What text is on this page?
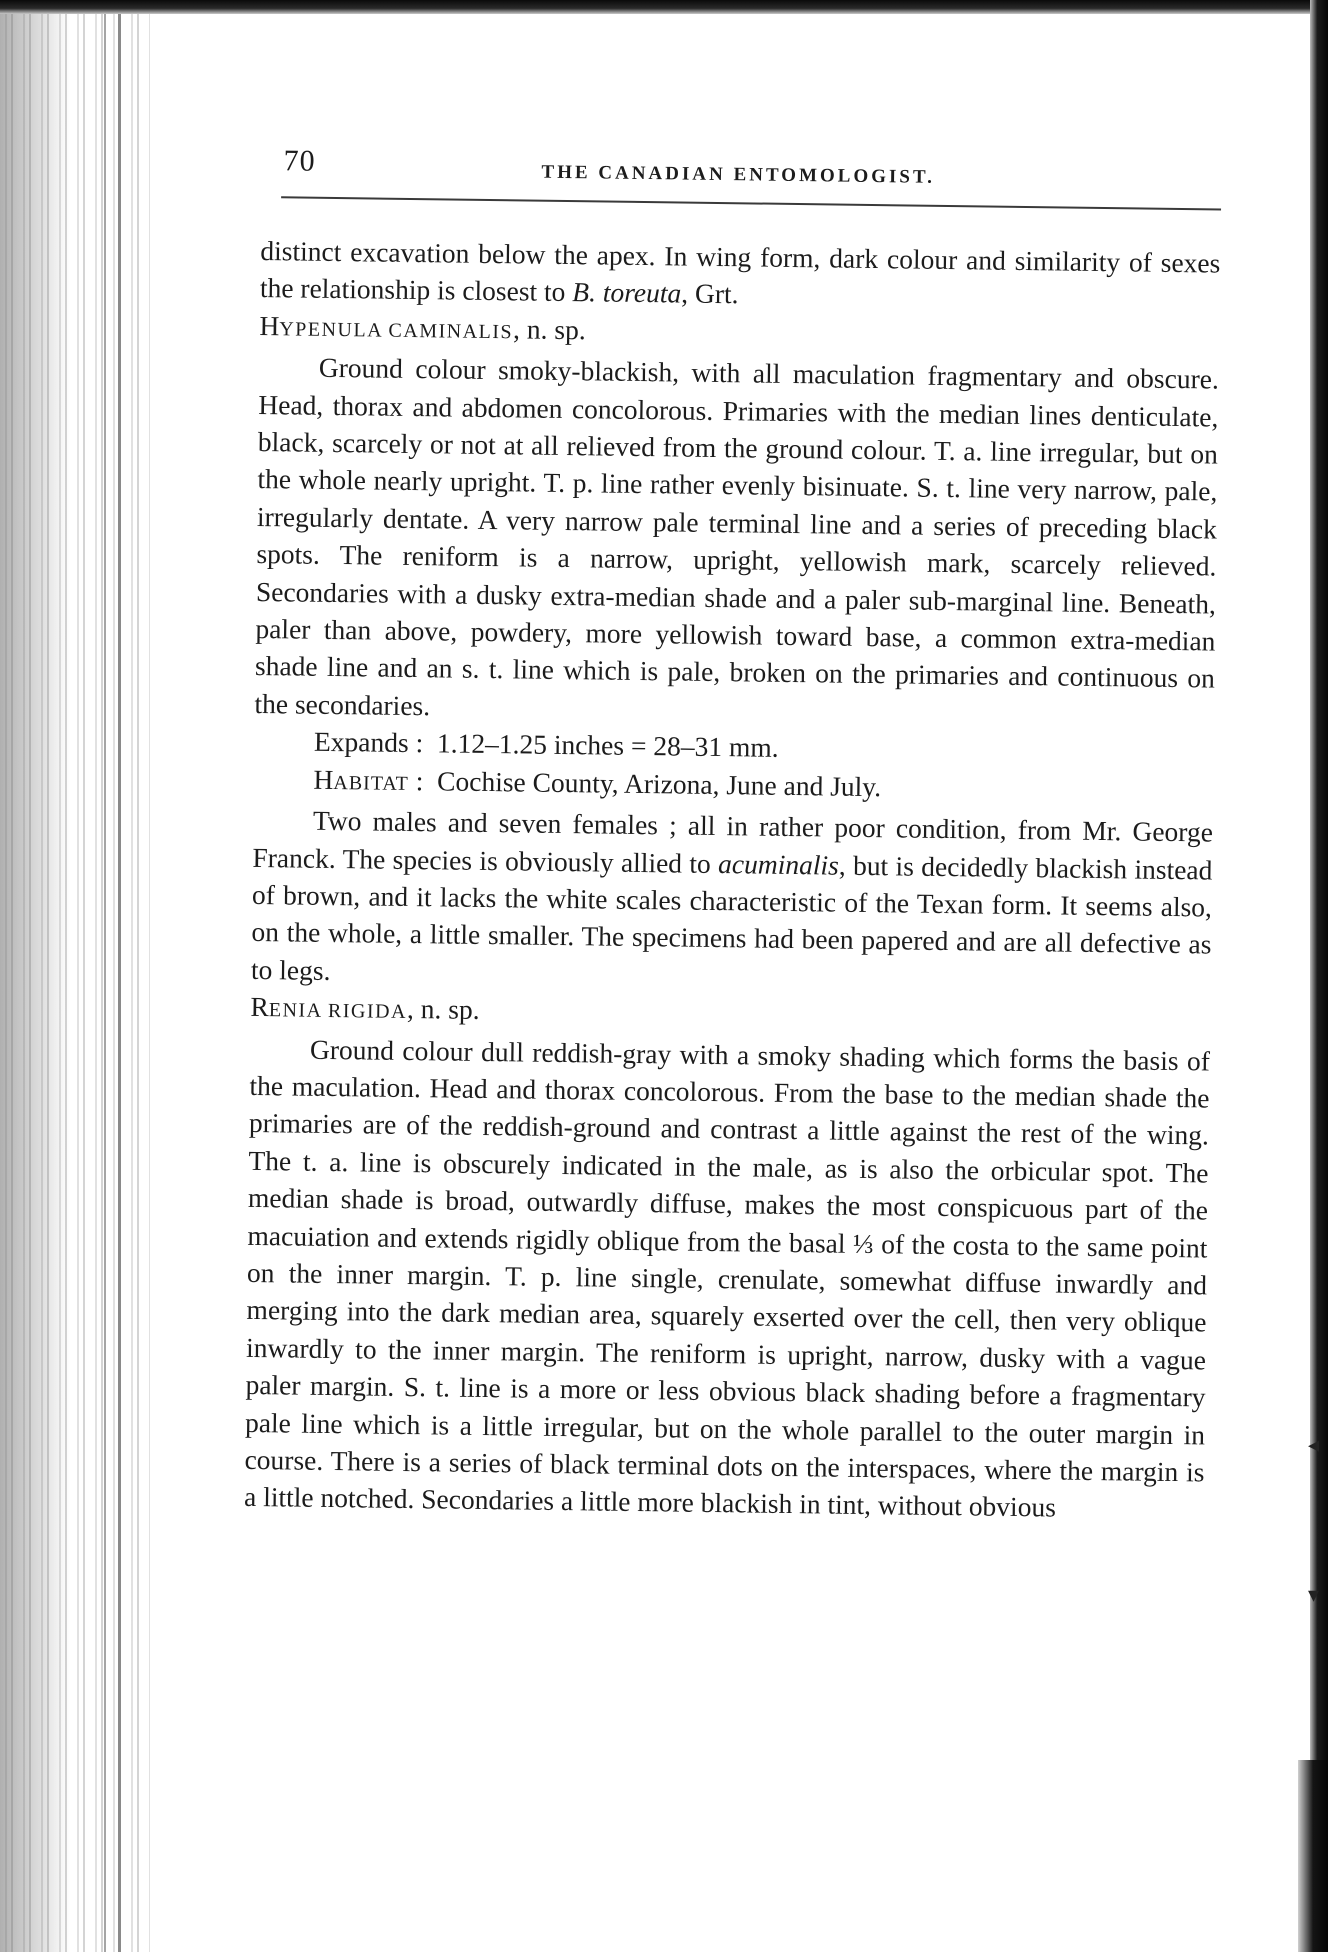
◂
▾
70	THE CANADIAN ENTOMOLOGIST.

distinct excavation below the apex. In wing form, dark colour and similarity of sexes the relationship is closest to B. toreuta, Grt.

HYPENULA CAMINALIS, n. sp.

Ground colour smoky-blackish, with all maculation fragmentary and obscure. Head, thorax and abdomen concolorous. Primaries with the median lines denticulate, black, scarcely or not at all relieved from the ground colour. T. a. line irregular, but on the whole nearly upright. T. p. line rather evenly bisinuate. S. t. line very narrow, pale, irregularly dentate. A very narrow pale terminal line and a series of preceding black spots. The reniform is a narrow, upright, yellowish mark, scarcely relieved. Secondaries with a dusky extra-median shade and a paler sub-marginal line. Beneath, paler than above, powdery, more yellowish toward base, a common extra-median shade line and an s. t. line which is pale, broken on the primaries and continuous on the secondaries.

Expands : 1.12–1.25 inches = 28–31 mm.

HABITAT : Cochise County, Arizona, June and July.

Two males and seven females ; all in rather poor condition, from Mr. George Franck. The species is obviously allied to acuminalis, but is decidedly blackish instead of brown, and it lacks the white scales characteristic of the Texan form. It seems also, on the whole, a little smaller. The specimens had been papered and are all defective as to legs.

RENIA RIGIDA, n. sp.

Ground colour dull reddish-gray with a smoky shading which forms the basis of the maculation. Head and thorax concolorous. From the base to the median shade the primaries are of the reddish-ground and contrast a little against the rest of the wing. The t. a. line is obscurely indicated in the male, as is also the orbicular spot. The median shade is broad, outwardly diffuse, makes the most conspicuous part of the macuiation and extends rigidly oblique from the basal ⅓ of the costa to the same point on the inner margin. T. p. line single, crenulate, somewhat diffuse inwardly and merging into the dark median area, squarely exserted over the cell, then very oblique inwardly to the inner margin. The reniform is upright, narrow, dusky with a vague paler margin. S. t. line is a more or less obvious black shading before a fragmentary pale line which is a little irregular, but on the whole parallel to the outer margin in course. There is a series of black terminal dots on the interspaces, where the margin is a little notched. Secondaries a little more blackish in tint, without obvious
